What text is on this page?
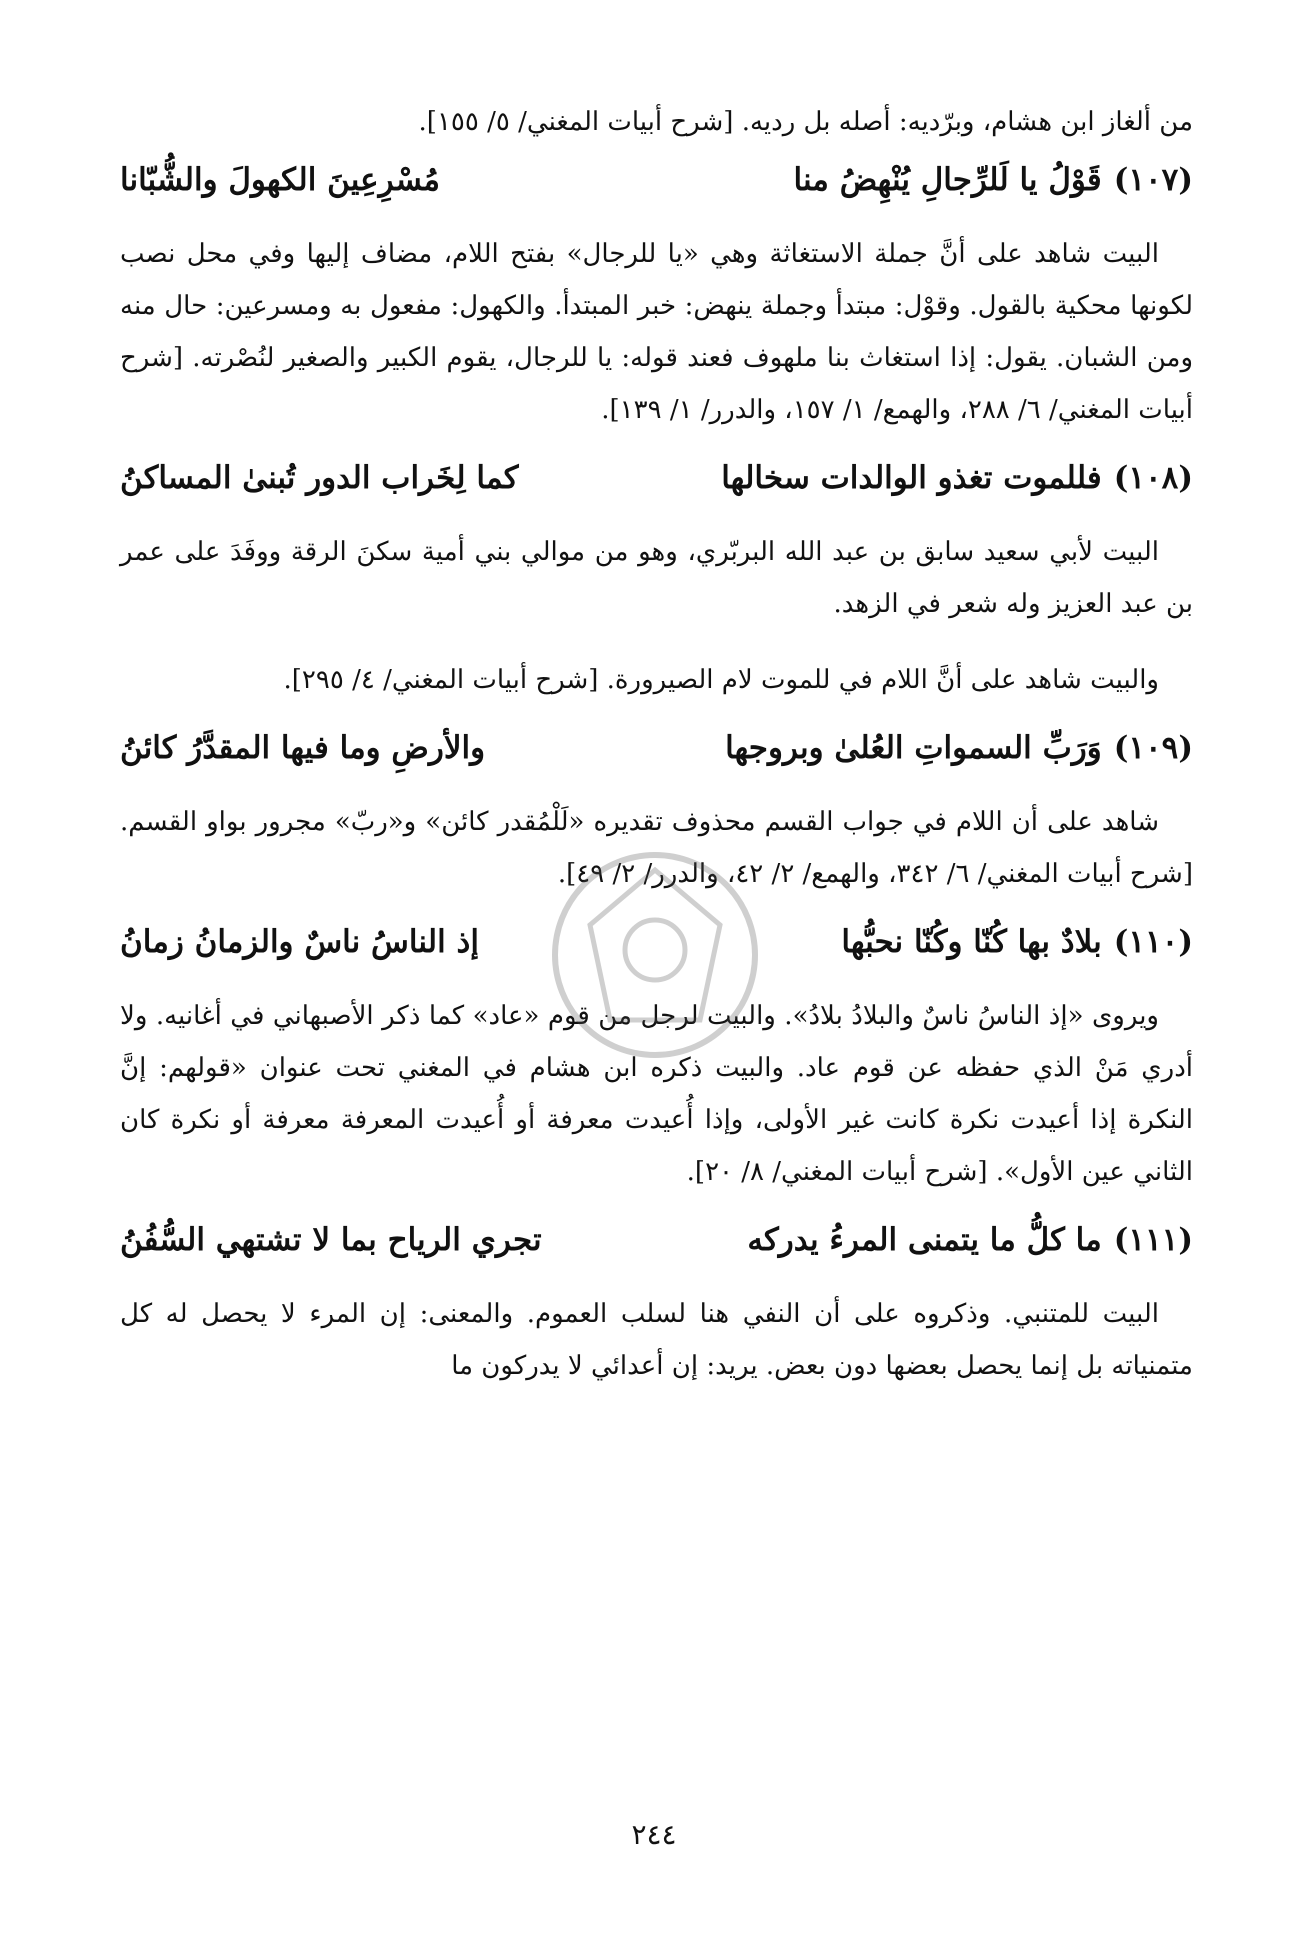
من ألغاز ابن هشام، وبرّديه: أصله بل رديه. [شرح أبيات المغني/ ٥/ ١٥٥].

(١٠٧)
قَوْلُ يا لَلرِّجالِ يُنْهِضُ منا
مُسْرِعِينَ الكهولَ والشُّبّانا

البيت شاهد على أنَّ جملة الاستغاثة وهي «يا للرجال» بفتح اللام، مضاف إليها وفي محل نصب لكونها محكية بالقول. وقوْل: مبتدأ وجملة ينهض: خبر المبتدأ. والكهول: مفعول به ومسرعين: حال منه ومن الشبان. يقول: إذا استغاث بنا ملهوف فعند قوله: يا للرجال، يقوم الكبير والصغير لنُصْرته. [شرح أبيات المغني/ ٦/ ٢٨٨، والهمع/ ١/ ١٥٧، والدرر/ ١/ ١٣٩].

(١٠٨)
فللموت تغذو الوالدات سخالها
كما لِخَراب الدور تُبنىٰ المساكنُ

البيت لأبي سعيد سابق بن عبد الله البربّري، وهو من موالي بني أمية سكنَ الرقة ووفَدَ على عمر بن عبد العزيز وله شعر في الزهد.

والبيت شاهد على أنَّ اللام في للموت لام الصيرورة. [شرح أبيات المغني/ ٤/ ٢٩٥].

(١٠٩)
وَرَبِّ السمواتِ العُلىٰ وبروجها
والأرضِ وما فيها المقدَّرُ كائنُ

شاهد على أن اللام في جواب القسم محذوف تقديره «لَلْمُقدر كائن» و«ربّ» مجرور بواو القسم. [شرح أبيات المغني/ ٦/ ٣٤٢، والهمع/ ٢/ ٤٢، والدرر/ ٢/ ٤٩].

(١١٠)
بلادٌ بها كُنّا وكُنّا نحبُّها
إذ الناسُ ناسٌ والزمانُ زمانُ

ويروى «إذ الناسُ ناسٌ والبلادُ بلادُ». والبيت لرجل من قوم «عاد» كما ذكر الأصبهاني في أغانيه. ولا أدري مَنْ الذي حفظه عن قوم عاد. والبيت ذكره ابن هشام في المغني تحت عنوان «قولهم: إنَّ النكرة إذا أعيدت نكرة كانت غير الأولى، وإذا أُعيدت معرفة أو أُعيدت المعرفة معرفة أو نكرة كان الثاني عين الأول». [شرح أبيات المغني/ ٨/ ٢٠].

(١١١)
ما كلُّ ما يتمنى المرءُ يدركه
تجري الرياح بما لا تشتهي السُّفُنُ

البيت للمتنبي. وذكروه على أن النفي هنا لسلب العموم. والمعنى: إن المرء لا يحصل له كل متمنياته بل إنما يحصل بعضها دون بعض. يريد: إن أعدائي لا يدركون ما

٢٤٤
